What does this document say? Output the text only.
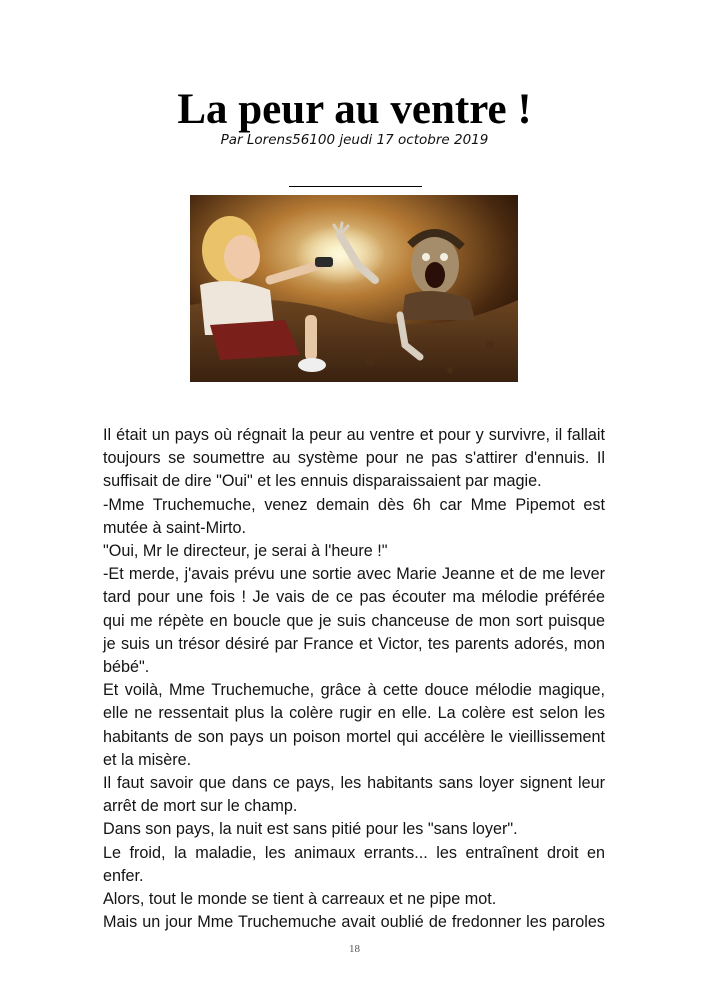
La peur au ventre !
Par Lorens56100 jeudi 17 octobre 2019

Il était un pays où régnait la peur au ventre et pour y survivre, il fallait toujours se soumettre au système pour ne pas s'attirer d'ennuis. Il suffisait de dire "Oui" et les ennuis disparaissaient par magie.

-Mme Truchemuche, venez demain dès 6h car Mme Pipemot est mutée à saint-Mirto.

"Oui, Mr le directeur, je serai à l'heure !"

-Et merde, j'avais prévu une sortie avec Marie Jeanne et de me lever tard pour une fois ! Je vais de ce pas écouter ma mélodie préférée qui me répète en boucle que je suis chanceuse de mon sort puisque je suis un trésor désiré par France et Victor, tes parents adorés, mon bébé".

Et voilà, Mme Truchemuche, grâce à cette douce mélodie magique, elle ne ressentait plus la colère rugir en elle. La colère est selon les habitants de son pays un poison mortel qui accélère le vieillissement et la misère.

Il faut savoir que dans ce pays, les habitants sans loyer signent leur arrêt de mort sur le champ.

Dans son pays, la nuit est sans pitié pour les "sans loyer".

Le froid, la maladie, les animaux errants... les entraînent droit en enfer.

Alors, tout le monde se tient à carreaux et ne pipe mot.

Mais un jour Mme Truchemuche avait oublié de fredonner les paroles

18
